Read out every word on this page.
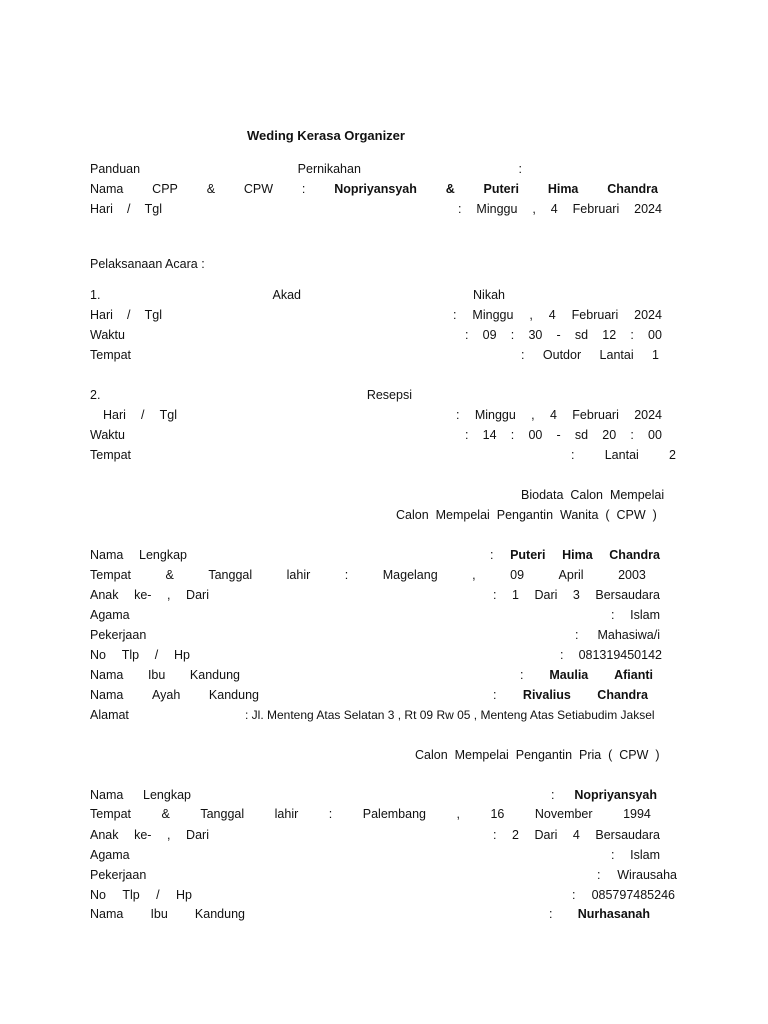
Weding Kerasa Organizer
Panduan	Pernikahan	:
Nama CPP & CPW : Nopriyansyah & Puteri Hima Chandra
Hari / Tgl	: Minggu , 4 Februari 2024
Pelaksanaan Acara :
1.	Akad	Nikah
Hari / Tgl	: Minggu , 4 Februari 2024
Waktu	: 09 : 30 - sd 12 : 00
Tempat	: Outdor Lantai 1
2.	Resepsi
Hari / Tgl	: Minggu , 4 Februari 2024
Waktu	: 14 : 00 - sd 20 : 00
Tempat	: Lantai 2
Biodata  Calon  Mempelai
Calon  Mempelai  Pengantin  Wanita  (  CPW  )
Nama Lengkap	: Puteri Hima Chandra
Tempat	&	Tanggal	lahir	:	Magelang	,	09	April	2003
Anak ke- , Dari	: 1 Dari 3 Bersaudara
Agama	: Islam
Pekerjaan	: Mahasiwa/i
No Tlp / Hp	: 081319450142
Nama Ibu Kandung	: Maulia Afianti
Nama Ayah Kandung	: Rivalius Chandra
Alamat	: Jl. Menteng Atas Selatan 3 , Rt 09 Rw 05 , Menteng Atas Setiabudim Jaksel
Calon  Mempelai  Pengantin  Pria  (  CPW  )
Nama Lengkap	: Nopriyansyah
Tempat & Tanggal lahir : Palembang , 16 November 1994
Anak ke- , Dari	: 2 Dari 4 Bersaudara
Agama	: Islam
Pekerjaan	: Wirausaha
No Tlp / Hp	: 085797485246
Nama Ibu Kandung	: Nurhasanah
